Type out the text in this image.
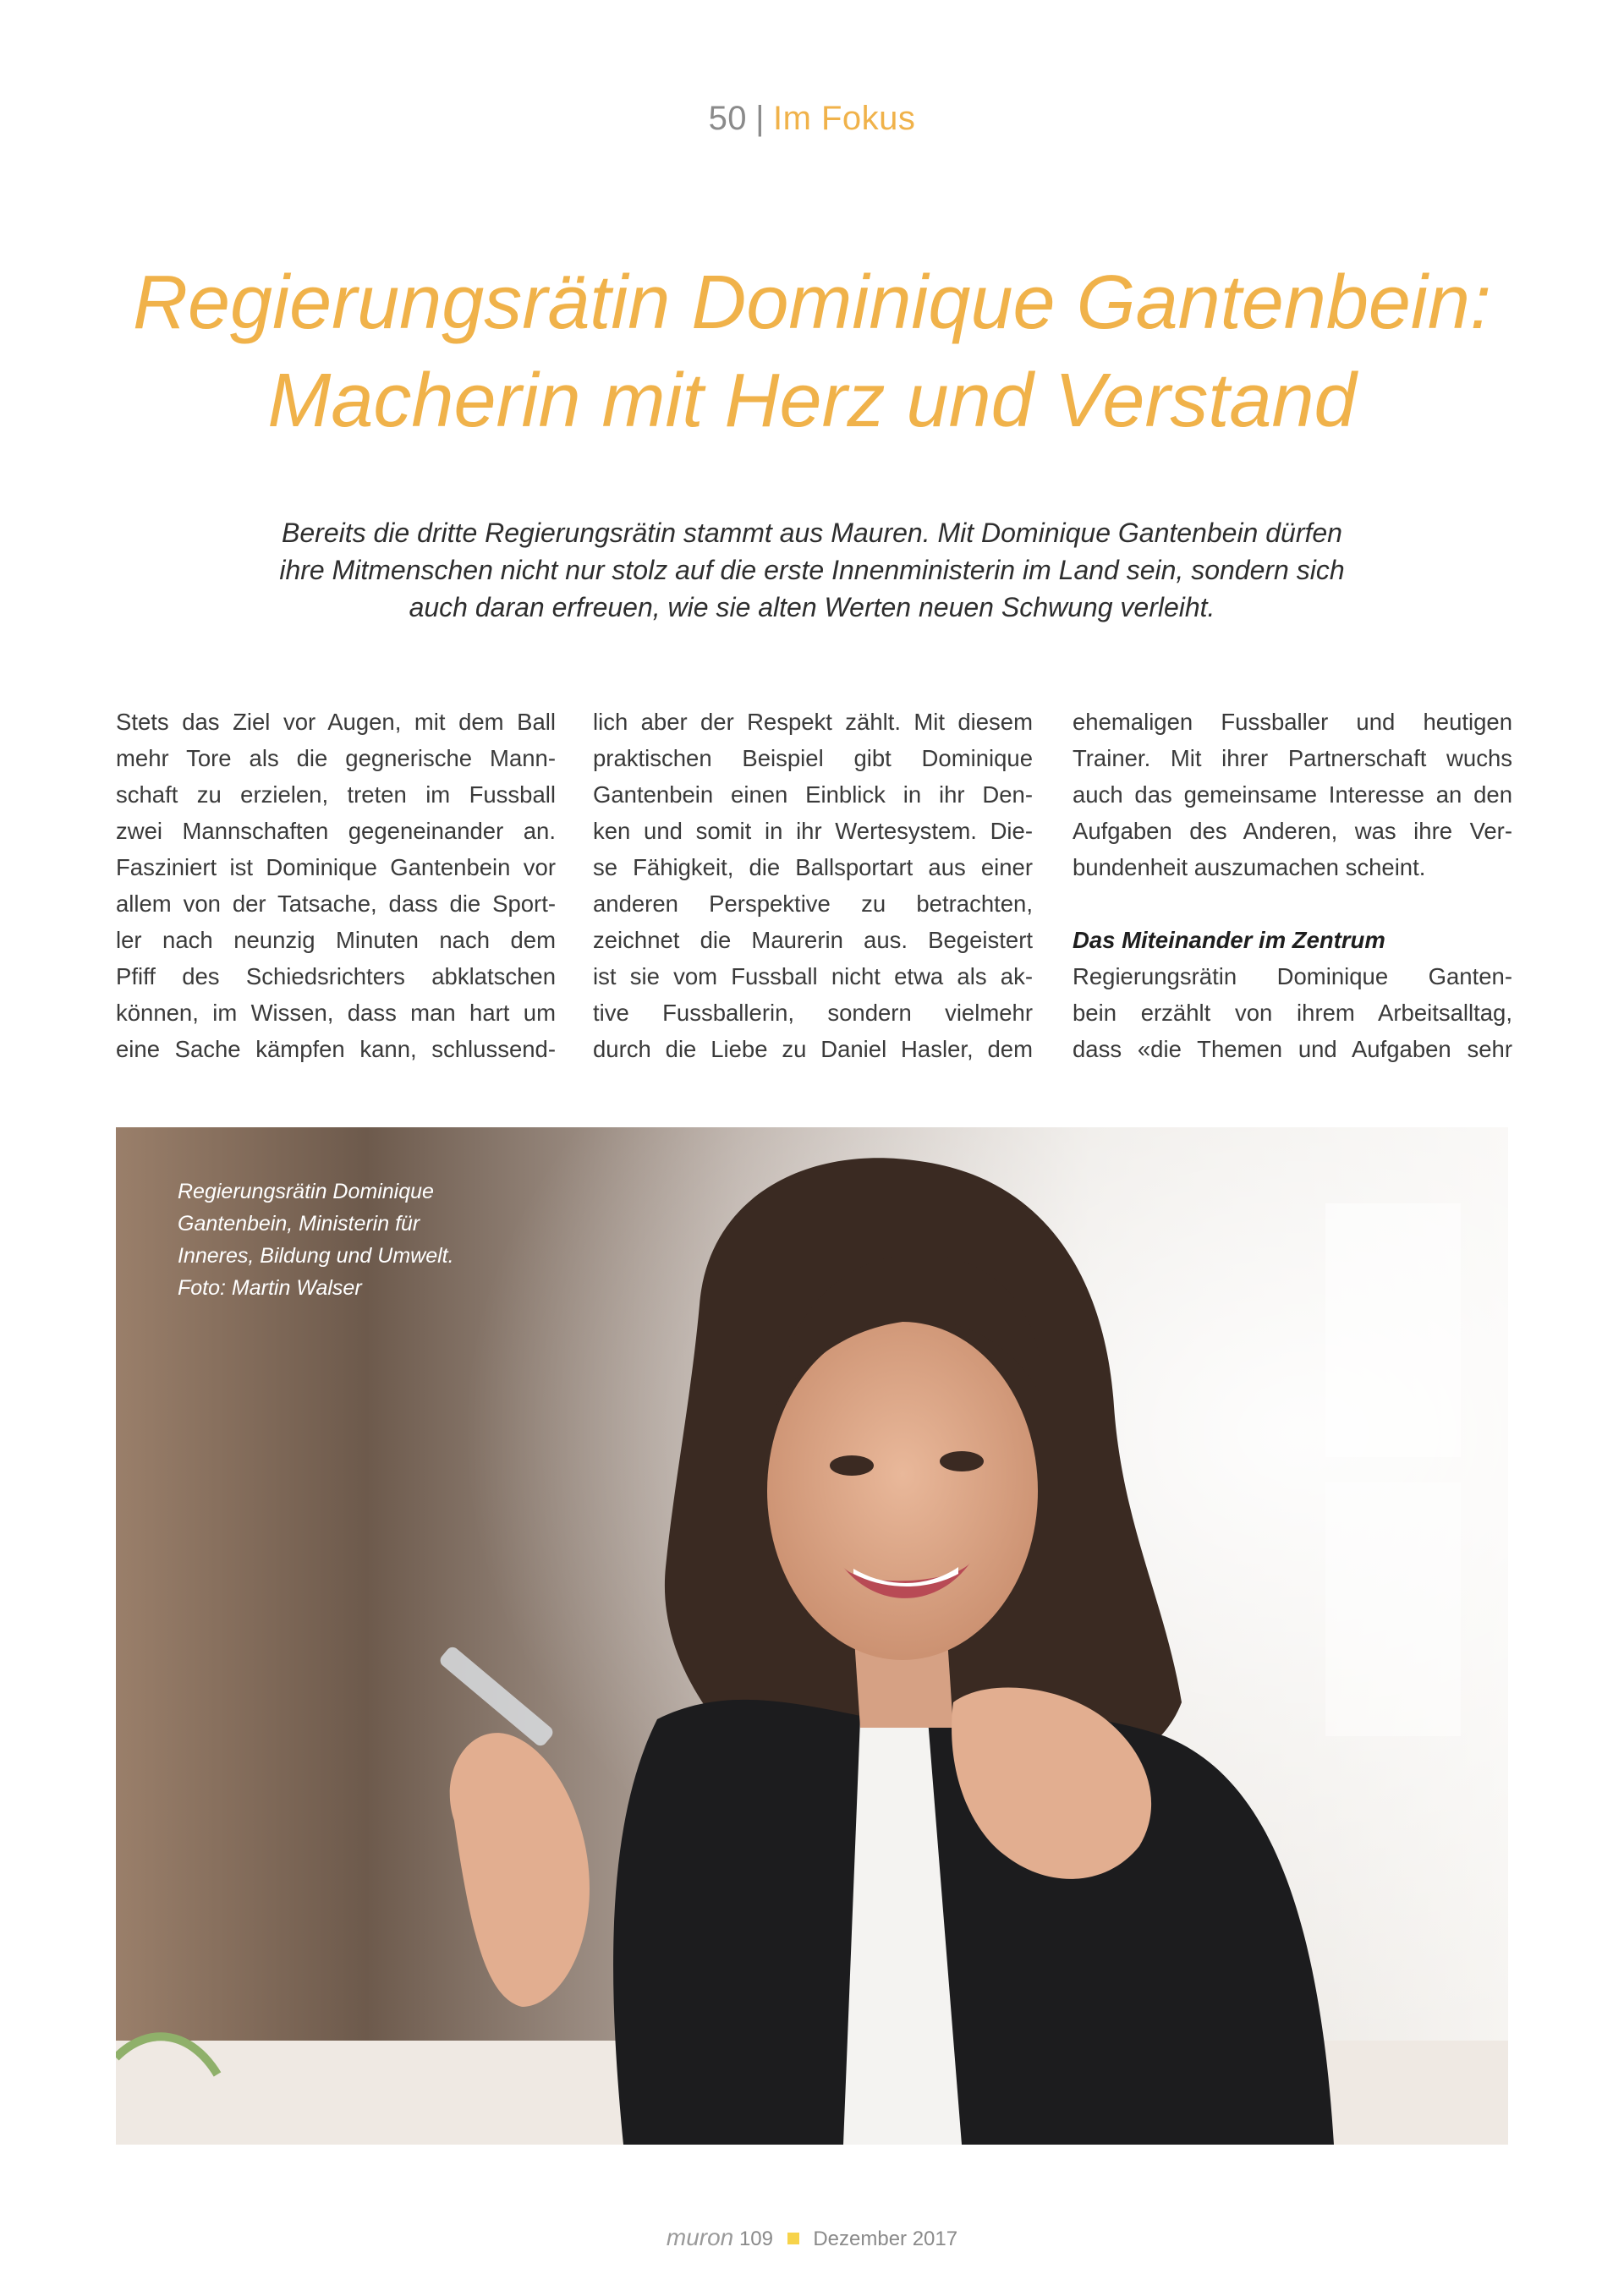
50 | Im Fokus
Regierungsrätin Dominique Gantenbein:
Macherin mit Herz und Verstand

Bereits die dritte Regierungsrätin stammt aus Mauren. Mit Dominique Gantenbein dürfen
ihre Mitmenschen nicht nur stolz auf die erste Innenministerin im Land sein, sondern sich
auch daran erfreuen, wie sie alten Werten neuen Schwung verleiht.

Stets das Ziel vor Augen, mit dem Ball
mehr Tore als die gegnerische Mann-
schaft zu erzielen, treten im Fussball
zwei Mannschaften gegeneinander an.
Fasziniert ist Dominique Gantenbein vor
allem von der Tatsache, dass die Sport-
ler nach neunzig Minuten nach dem
Pfiff des Schiedsrichters abklatschen
können, im Wissen, dass man hart um
eine Sache kämpfen kann, schlussend-
lich aber der Respekt zählt. Mit diesem
praktischen Beispiel gibt Dominique
Gantenbein einen Einblick in ihr Den-
ken und somit in ihr Wertesystem. Die-
se Fähigkeit, die Ballsportart aus einer
anderen Perspektive zu betrachten,
zeichnet die Maurerin aus. Begeistert
ist sie vom Fussball nicht etwa als ak-
tive Fussballerin, sondern vielmehr
durch die Liebe zu Daniel Hasler, dem
ehemaligen Fussballer und heutigen
Trainer. Mit ihrer Partnerschaft wuchs
auch das gemeinsame Interesse an den
Aufgaben des Anderen, was ihre Ver-
bundenheit auszumachen scheint.
Das Miteinander im Zentrum
Regierungsrätin Dominique Ganten-
bein erzählt von ihrem Arbeitsalltag,
dass «die Themen und Aufgaben sehr
Regierungsrätin Dominique
Gantenbein, Ministerin für
Inneres, Bildung und Umwelt.
Foto: Martin Walser
muron 109 Dezember 2017
